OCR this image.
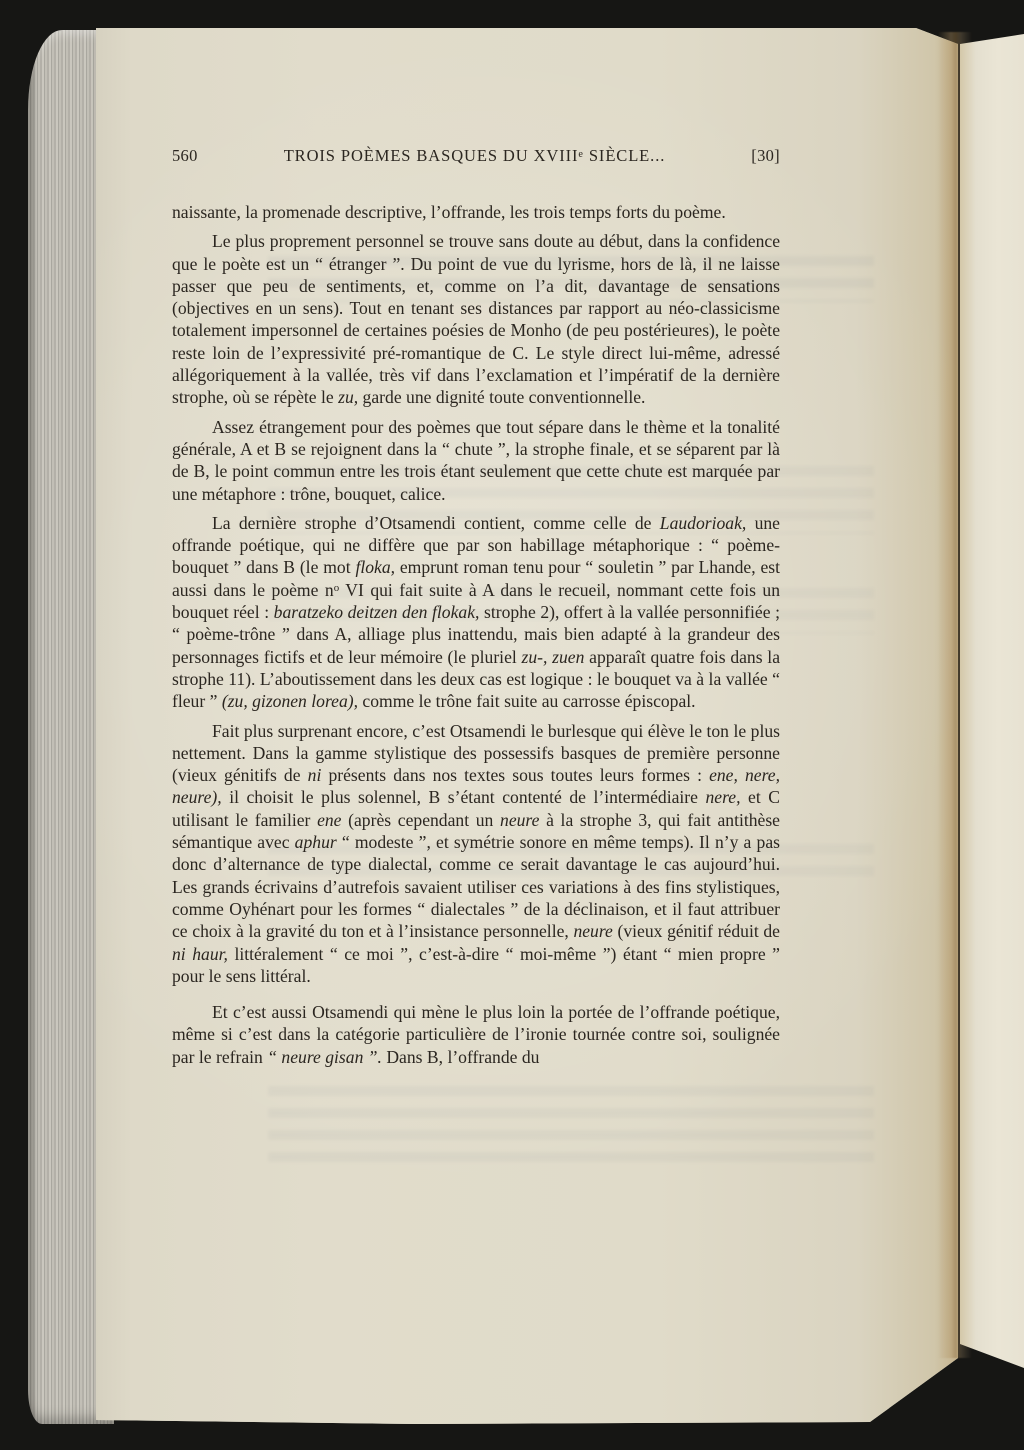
560	TROIS POÈMES BASQUES DU XVIIIe SIÈCLE...	[30]

naissante, la promenade descriptive, l’offrande, les trois temps forts du poème.

Le plus proprement personnel se trouve sans doute au début, dans la confidence que le poète est un “ étranger ”. Du point de vue du lyrisme, hors de là, il ne laisse passer que peu de sentiments, et, comme on l’a dit, davantage de sensations (objectives en un sens). Tout en tenant ses distances par rapport au néo-classicisme totalement impersonnel de certaines poésies de Monho (de peu postérieures), le poète reste loin de l’expressivité pré-romantique de C. Le style direct lui-même, adressé allégoriquement à la vallée, très vif dans l’exclamation et l’impératif de la dernière strophe, où se répète le zu, garde une dignité toute conventionnelle.

Assez étrangement pour des poèmes que tout sépare dans le thème et la tonalité générale, A et B se rejoignent dans la “ chute ”, la strophe finale, et se séparent par là de B, le point commun entre les trois étant seulement que cette chute est marquée par une métaphore : trône, bouquet, calice.

La dernière strophe d’Otsamendi contient, comme celle de Laudorioak, une offrande poétique, qui ne diffère que par son habillage métaphorique : “ poème-bouquet ” dans B (le mot floka, emprunt roman tenu pour “ souletin ” par Lhande, est aussi dans le poème $n^o$ VI qui fait suite à A dans le recueil, nommant cette fois un bouquet réel : baratzeko deitzen den flokak, strophe 2), offert à la vallée personnifiée ; “ poème-trône ” dans A, alliage plus inattendu, mais bien adapté à la grandeur des personnages fictifs et de leur mémoire (le pluriel zu-, zuen apparaît quatre fois dans la strophe 11). L’aboutissement dans les deux cas est logique : le bouquet va à la vallée “ fleur ” (zu, gizonen lorea), comme le trône fait suite au carrosse épiscopal.

Fait plus surprenant encore, c’est Otsamendi le burlesque qui élève le ton le plus nettement. Dans la gamme stylistique des possessifs basques de première personne (vieux génitifs de ni présents dans nos textes sous toutes leurs formes : ene, nere, neure), il choisit le plus solennel, B s’étant contenté de l’intermédiaire nere, et C utilisant le familier ene (après cependant un neure à la strophe 3, qui fait antithèse sémantique avec aphur “ modeste ”, et symétrie sonore en même temps). Il n’y a pas donc d’alternance de type dialectal, comme ce serait davantage le cas aujourd’hui. Les grands écrivains d’autrefois savaient utiliser ces variations à des fins stylistiques, comme Oyhénart pour les formes “ dialectales ” de la déclinaison, et il faut attribuer ce choix à la gravité du ton et à l’insistance personnelle, neure (vieux génitif réduit de ni haur, littéralement “ ce moi ”, c’est-à-dire “ moi-même ”) étant “ mien propre ” pour le sens littéral.

Et c’est aussi Otsamendi qui mène le plus loin la portée de l’offrande poétique, même si c’est dans la catégorie particulière de l’ironie tournée contre soi, soulignée par le refrain “ neure gisan ”. Dans B, l’offrande du
